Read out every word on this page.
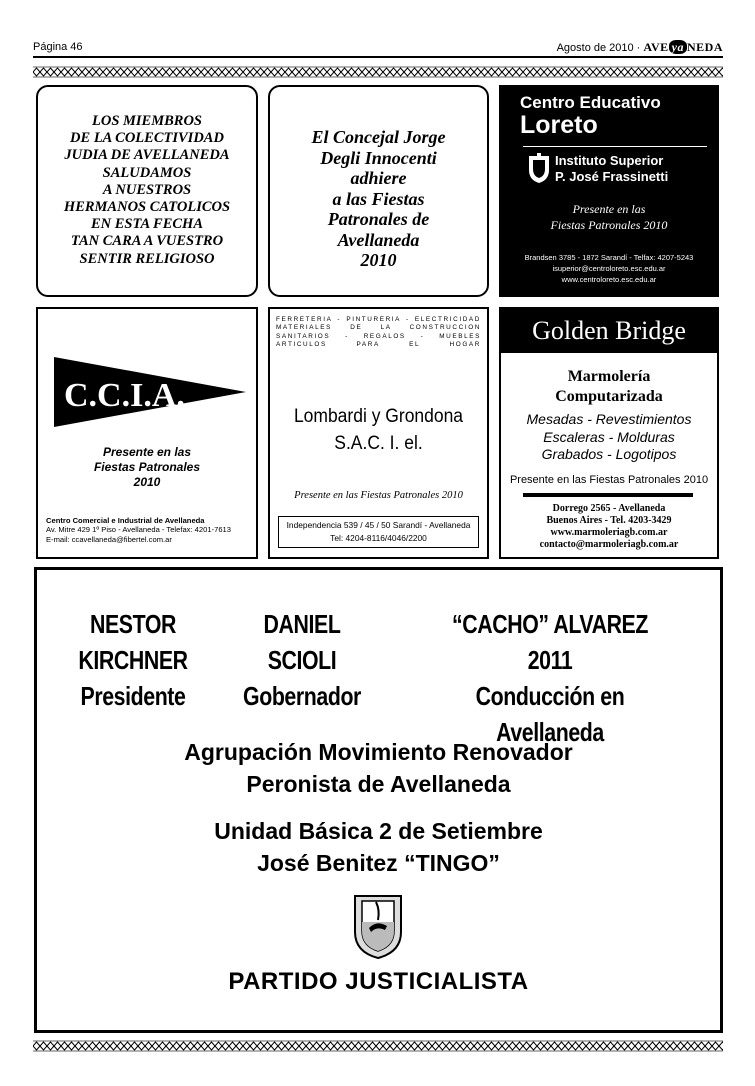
Página 46	Agosto de 2010 · AVE ya NEDA
LOS MIEMBROS
DE LA COLECTIVIDAD
JUDIA DE AVELLANEDA
SALUDAMOS
A NUESTROS
HERMANOS CATOLICOS
EN ESTA FECHA
TAN CARA A VUESTRO
SENTIR RELIGIOSO
El Concejal Jorge
Degli Innocenti
adhiere
a las Fiestas
Patronales de
Avellaneda
2010
Centro Educativo
Loreto
Instituto Superior
P. José Frassinetti
Presente en las
Fiestas Patronales 2010
Brandsen 3785 - 1872 Sarandí - Telfax: 4207-5243
isuperior@centroloreto.esc.edu.ar
www.centroloreto.esc.edu.ar
C.C.I.A.
Presente en las
Fiestas Patronales
2010
Centro Comercial e Industrial de Avellaneda
Av. Mitre 429 1º Piso - Avellaneda - Telefax: 4201-7613
E-mail: ccavellaneda@fibertel.com.ar
FERRETERIA - PINTURERIA - ELECTRICIDAD
MATERIALES DE LA CONSTRUCCION
SANITARIOS - REGALOS - MUEBLES
ARTICULOS PARA EL HOGAR
Lombardi y Grondona
S.A.C. I. el.
Presente en las Fiestas Patronales 2010
Independencia 539 / 45 / 50 Sarandí - Avellaneda
Tel: 4204-8116/4046/2200
Golden Bridge
Marmolería
Computarizada
Mesadas - Revestimientos
Escaleras - Molduras
Grabados - Logotipos
Presente en las Fiestas Patronales 2010
Dorrego 2565 - Avellaneda
Buenos Aires - Tel. 4203-3429
www.marmoleriagb.com.ar
contacto@marmoleriagb.com.ar
NESTOR
KIRCHNER
Presidente
DANIEL
SCIOLI
Gobernador
“CACHO” ALVAREZ
2011
Conducción en Avellaneda
Agrupación Movimiento Renovador
Peronista de Avellaneda
Unidad Básica 2 de Setiembre
José Benitez “TINGO”
PARTIDO JUSTICIALISTA
